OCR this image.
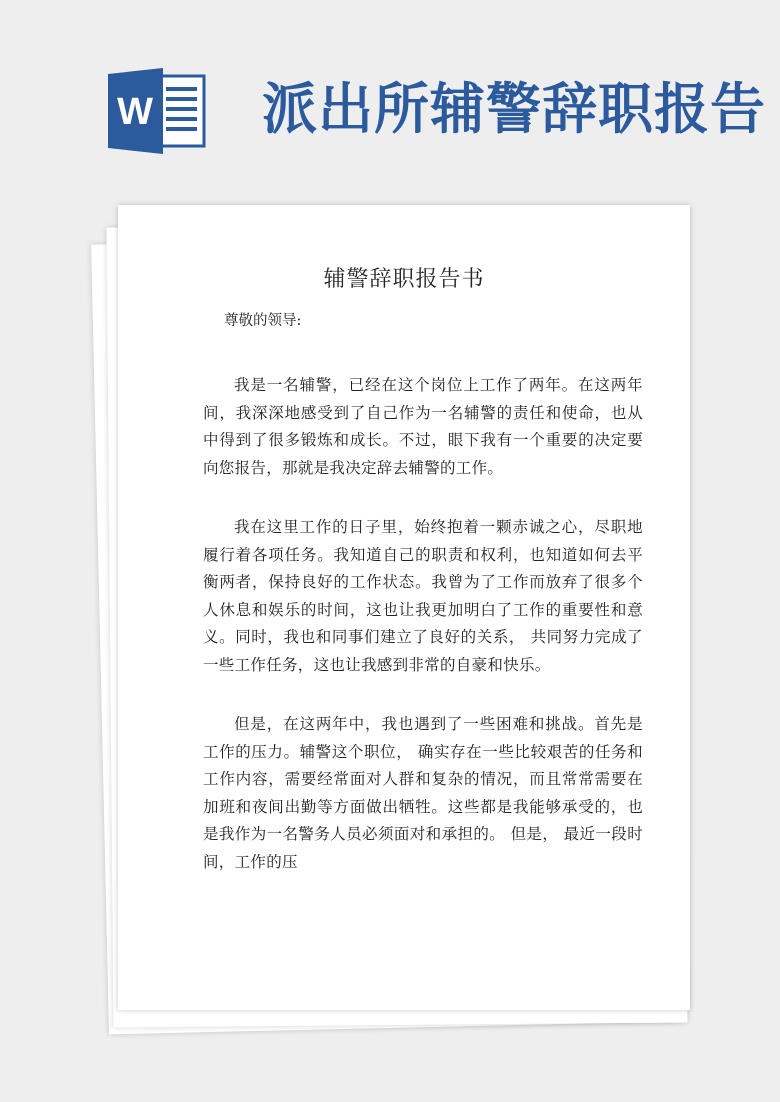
W 派出所辅警辞职报告
辅警辞职报告书
尊敬的领导:

我是一名辅警，已经在这个岗位上工作了两年。在这两年间，我深深地感受到了自己作为一名辅警的责任和使命，也从中得到了很多锻炼和成长。不过，眼下我有一个重要的决定要向您报告，那就是我决定辞去辅警的工作。

我在这里工作的日子里，始终抱着一颗赤诚之心，尽职地履行着各项任务。我知道自己的职责和权利，也知道如何去平衡两者，保持良好的工作状态。我曾为了工作而放弃了很多个人休息和娱乐的时间，这也让我更加明白了工作的重要性和意义。同时，我也和同事们建立了良好的关系， 共同努力完成了一些工作任务，这也让我感到非常的自豪和快乐。

但是，在这两年中，我也遇到了一些困难和挑战。首先是工作的压力。辅警这个职位， 确实存在一些比较艰苦的任务和工作内容，需要经常面对人群和复杂的情况，而且常常需要在加班和夜间出勤等方面做出牺牲。这些都是我能够承受的，也是我作为一名警务人员必须面对和承担的。 但是， 最近一段时间，工作的压
